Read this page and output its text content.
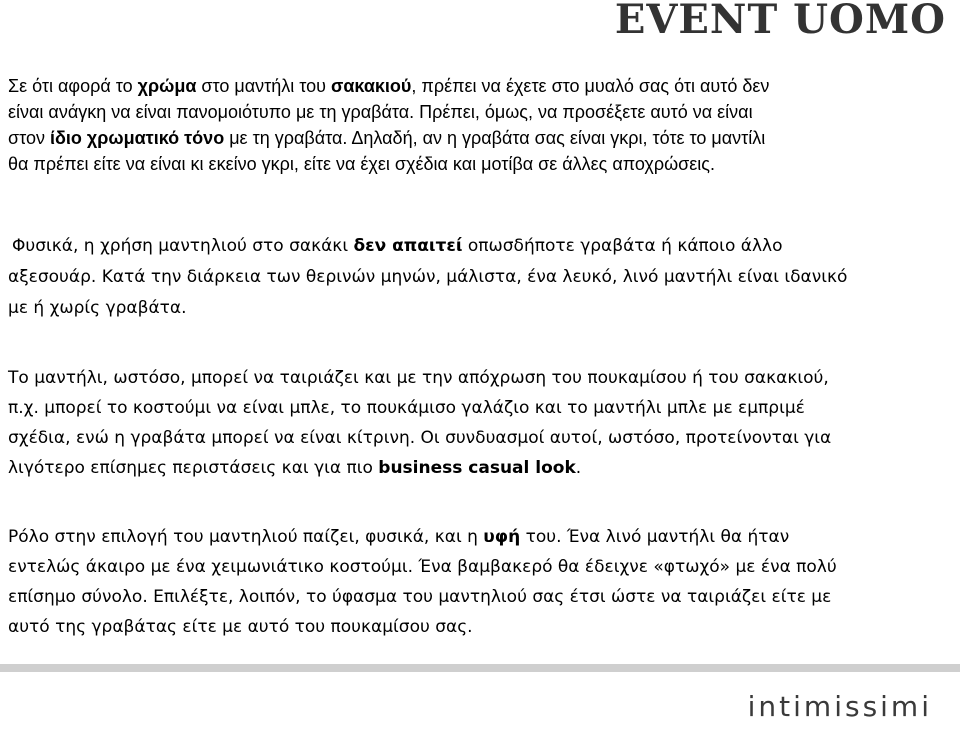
EVENT UOMO

Σε ότι αφορά το χρώμα στο μαντήλι του σακακιού, πρέπει να έχετε στο μυαλό σας ότι αυτό δεν
είναι ανάγκη να είναι πανομοιότυπο με τη γραβάτα. Πρέπει, όμως, να προσέξετε αυτό να είναι
στον ίδιο χρωματικό τόνο με τη γραβάτα. Δηλαδή, αν η γραβάτα σας είναι γκρι, τότε το μαντίλι
θα πρέπει είτε να είναι κι εκείνο γκρι, είτε να έχει σχέδια και μοτίβα σε άλλες αποχρώσεις.

Φυσικά, η χρήση μαντηλιού στο σακάκι δεν απαιτεί οπωσδήποτε γραβάτα ή κάποιο άλλο
αξεσουάρ. Κατά την διάρκεια των θερινών μηνών, μάλιστα, ένα λευκό, λινό μαντήλι είναι ιδανικό
με ή χωρίς γραβάτα.

Το μαντήλι, ωστόσο, μπορεί να ταιριάζει και με την απόχρωση του πουκαμίσου ή του σακακιού,
π.χ. μπορεί το κοστούμι να είναι μπλε, το πουκάμισο γαλάζιο και το μαντήλι μπλε με εμπριμέ
σχέδια, ενώ η γραβάτα μπορεί να είναι κίτρινη. Οι συνδυασμοί αυτοί, ωστόσο, προτείνονται για
λιγότερο επίσημες περιστάσεις και για πιο business casual look.

Ρόλο στην επιλογή του μαντηλιού παίζει, φυσικά, και η υφή του. Ένα λινό μαντήλι θα ήταν
εντελώς άκαιρο με ένα χειμωνιάτικο κοστούμι. Ένα βαμβακερό θα έδειχνε «φτωχό» με ένα πολύ
επίσημο σύνολο. Επιλέξτε, λοιπόν, το ύφασμα του μαντηλιού σας έτσι ώστε να ταιριάζει είτε με
αυτό της γραβάτας είτε με αυτό του πουκαμίσου σας.

intimissimi
